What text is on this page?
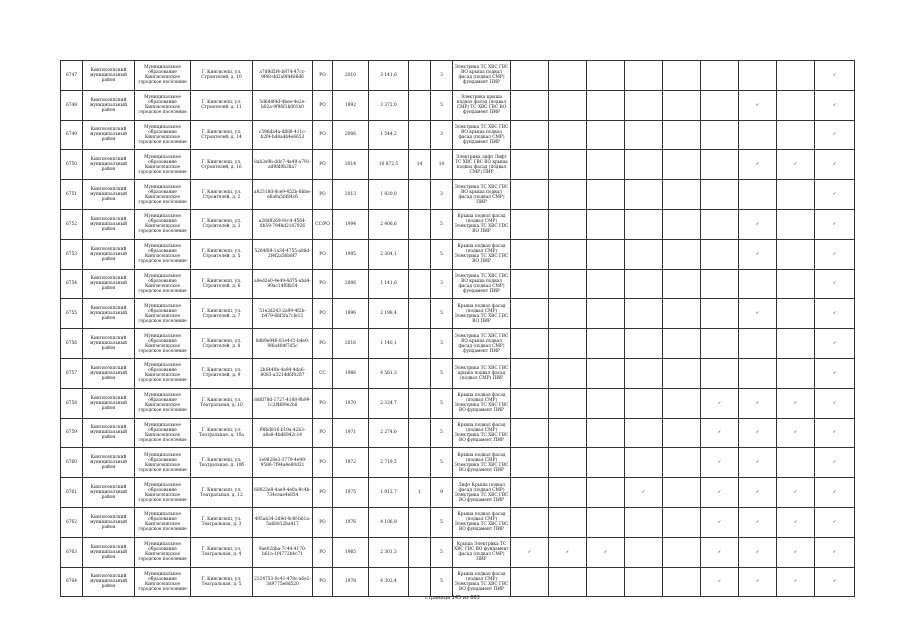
6747	Кингисеппский муниципальный район	Муниципальное образование Кингисеппское городское поселение	Г. Кингисепп, ул. Строителей, д. 10	a7d9d5f4-b874-47cc-9f48-dd2a9f44d6d6	РО	2010	3 141,6		3	Электрика ТС ХВС ГВС ВО крыша подвал фасад (подвал СМР) фундамент ПИР									✓
6748	Кингисеппский муниципальный район	Муниципальное образование Кингисеппское городское поселение	Г. Кингисепп, ул. Строителей, д. 11	5d6d4f4d-4bee-4e2e-b82a-9f96f1bd01b0	РО	1992	3 372,0		5	Электрика крыша подвал фасад (подвал СМР) ТС ХВС ГВС ВО фундамент ПИР							✓		✓
6749	Кингисеппский муниципальный район	Муниципальное образование Кингисеппское городское поселение	Г. Кингисепп, ул. Строителей, д. 14	c596da4a-d888-411c-b2f4-bd4a4b4e6653	РО	2006	1 544,2		3	Электрика ТС ХВС ГВС ВО крыша подвал фасад (подвал СМР) фундамент ПИР									✓
6750	Кингисеппский муниципальный район	Муниципальное образование Кингисеппское городское поселение	Г. Кингисепп, ул. Строителей, д. 16	8ab3e9b-ddc7-4a49-a791-ad9fd0b38a7	РО	2014	10 872,5	14	10	Электрика лифт Лифт ТС ХВС ГВС ВО крыша подвал фасад (подвал СМР) ПИР							✓	✓	✓
6751	Кингисеппский муниципальный район	Муниципальное образование Кингисеппское городское поселение	Г. Кингисепп, ул. Строителей, д. 2	a82318d-8ce9-452b-8bbe-e6a9a56f84c6	РО	2013	1 920,0		3	Электрика ТС ХВС ГВС ВО крыша подвал фасад (подвал СМР) ПИР									✓
6752	Кингисеппский муниципальный район	Муниципальное образование Кингисеппское городское поселение	Г. Кингисепп, ул. Строителей, д. 3	a28d8269-9cc4-4564-8b59-7948d2147926	СС/РО	1994	2 406,6		5	Крыша подвал фасад (подвал СМР) Электрика ТС ХВС ГВС ВО ПИР							✓		✓
6753	Кингисеппский муниципальный район	Муниципальное образование Кингисеппское городское поселение	Г. Кингисепп, ул. Строителей, д. 5	5264f89-1a34-4755-a88d-2f4f2a56b8f7	РО	1995	2 304,1		5	Крыша подвал фасад (подвал СМР) Электрика ТС ХВС ГВС ВО ПИР							✓		✓
6754	Кингисеппский муниципальный район	Муниципальное образование Кингисеппское городское поселение	Г. Кингисепп, ул. Строителей, д. 6	a9ed2e0-4e49-4d75-aba4-99ac14f6fb54	РО	2006	1 141,6		3	Электрика ТС ХВС ГВС ВО крыша подвал фасад (подвал СМР) фундамент ПИР									✓
6755	Кингисеппский муниципальный район	Муниципальное образование Кингисеппское городское поселение	Г. Кингисепп, ул. Строителей, д. 7	51e2d243-2a99-4f2b-b479-6fd5fa7cfe13	РО	1996	2 198,4		5	Крыша подвал фасад (подвал СМР) Электрика ТС ХВС ГВС ВО ПИР							✓		✓
6756	Кингисеппский муниципальный район	Муниципальное образование Кингисеппское городское поселение	Г. Кингисепп, ул. Строителей, д. 8	8db9e946-81e4-f1-b4e0-9f6a484f7d5c	РО	2016	1 140,1		3	Электрика ТС ХВС ГВС ВО крыша подвал фасад (подвал СМР) фундамент ПИР									✓
6757	Кингисеппский муниципальный район	Муниципальное образование Кингисеппское городское поселение	Г. Кингисепп, ул. Строителей, д. 9	2b6440b-4a94-4da6-8083-a3214d6f0287	СС	1986	4 561,3		5	Электрика ТС ХВС ГВС крыша подвал фасад (подвал СМР) ПИР									✓
6758	Кингисеппский муниципальный район	Муниципальное образование Кингисеппское городское поселение	Г. Кингисепп, ул. Театральная, д. 10	8d6f78d-1727-4188-9b99-1c2f4f89e2b8	РО	1970	2 324,7		5	Крыша подвал фасад (подвал СМР) Электрика ТС ХВС ГВС ВО фундамент ПИР						✓	✓	✓	✓
6759	Кингисеппский муниципальный район	Муниципальное образование Кингисеппское городское поселение	Г. Кингисепп, ул. Театральная, д. 10а	f9f6d816-b19a-42b3-a8a8-4bd6942c14	РО	1971	2 274,6		5	Крыша подвал фасад (подвал СМР) Электрика ТС ХВС ГВС ВО фундамент ПИР						✓	✓	✓	✓
6760	Кингисеппский муниципальный район	Муниципальное образование Кингисеппское городское поселение	Г. Кингисепп, ул. Театральная, д. 10б	1e9828e3-3779-4e99-9586-7f94a4e80d31	РО	1972	2 719,5		5	Крыша подвал фасад (подвал СМР) Электрика ТС ХВС ГВС ВО фундамент ПИР						✓	✓		✓
6761	Кингисеппский муниципальный район	Муниципальное образование Кингисеппское городское поселение	Г. Кингисепп, ул. Театральная, д. 12	68822e8-4ae9-4e0a-9c4b-734ceae4e854	РО	1975	1 912,7	1	9	Лифт Крыша подвал фасад (подвал СМР) Электрика ТС ХВС ГВС ВО фундамент ПИР				✓		✓	✓	✓	✓
6762	Кингисеппский муниципальный район	Муниципальное образование Кингисеппское городское поселение	Г. Кингисепп, ул. Театральная, д. 3	495ab34-2d9d-4c8f-b61a-5a6b812ba417	РО	1976	4 106,8		5	Крыша подвал фасад (подвал СМР) Электрика ТС ХВС ГВС ВО фундамент ПИР						✓	✓	✓	✓
6763	Кингисеппский муниципальный район	Муниципальное образование Кингисеппское городское поселение	Г. Кингисепп, ул. Театральная, д. 4	9ae02dba-7c44-4170-b61a-1f4772b4c71	РО	1965	2 301,3		5	Крыша Электрика ТС ХВС ГВС ВО фундамент фасад (подвал СМР) ПИР	✓	✓	✓			✓	✓	✓	✓
6764	Кингисеппский муниципальный район	Муниципальное образование Кингисеппское городское поселение	Г. Кингисепп, ул. Театральная, д. 5	2324753-0c41-478c-a6e2-3d9775e8d520	РО	1978	4 302,4		5	Крыша подвал фасад (подвал СМР) Электрика ТС ХВС ГВС ВО фундамент ПИР						✓	✓	✓	✓
страница 145 из 663
